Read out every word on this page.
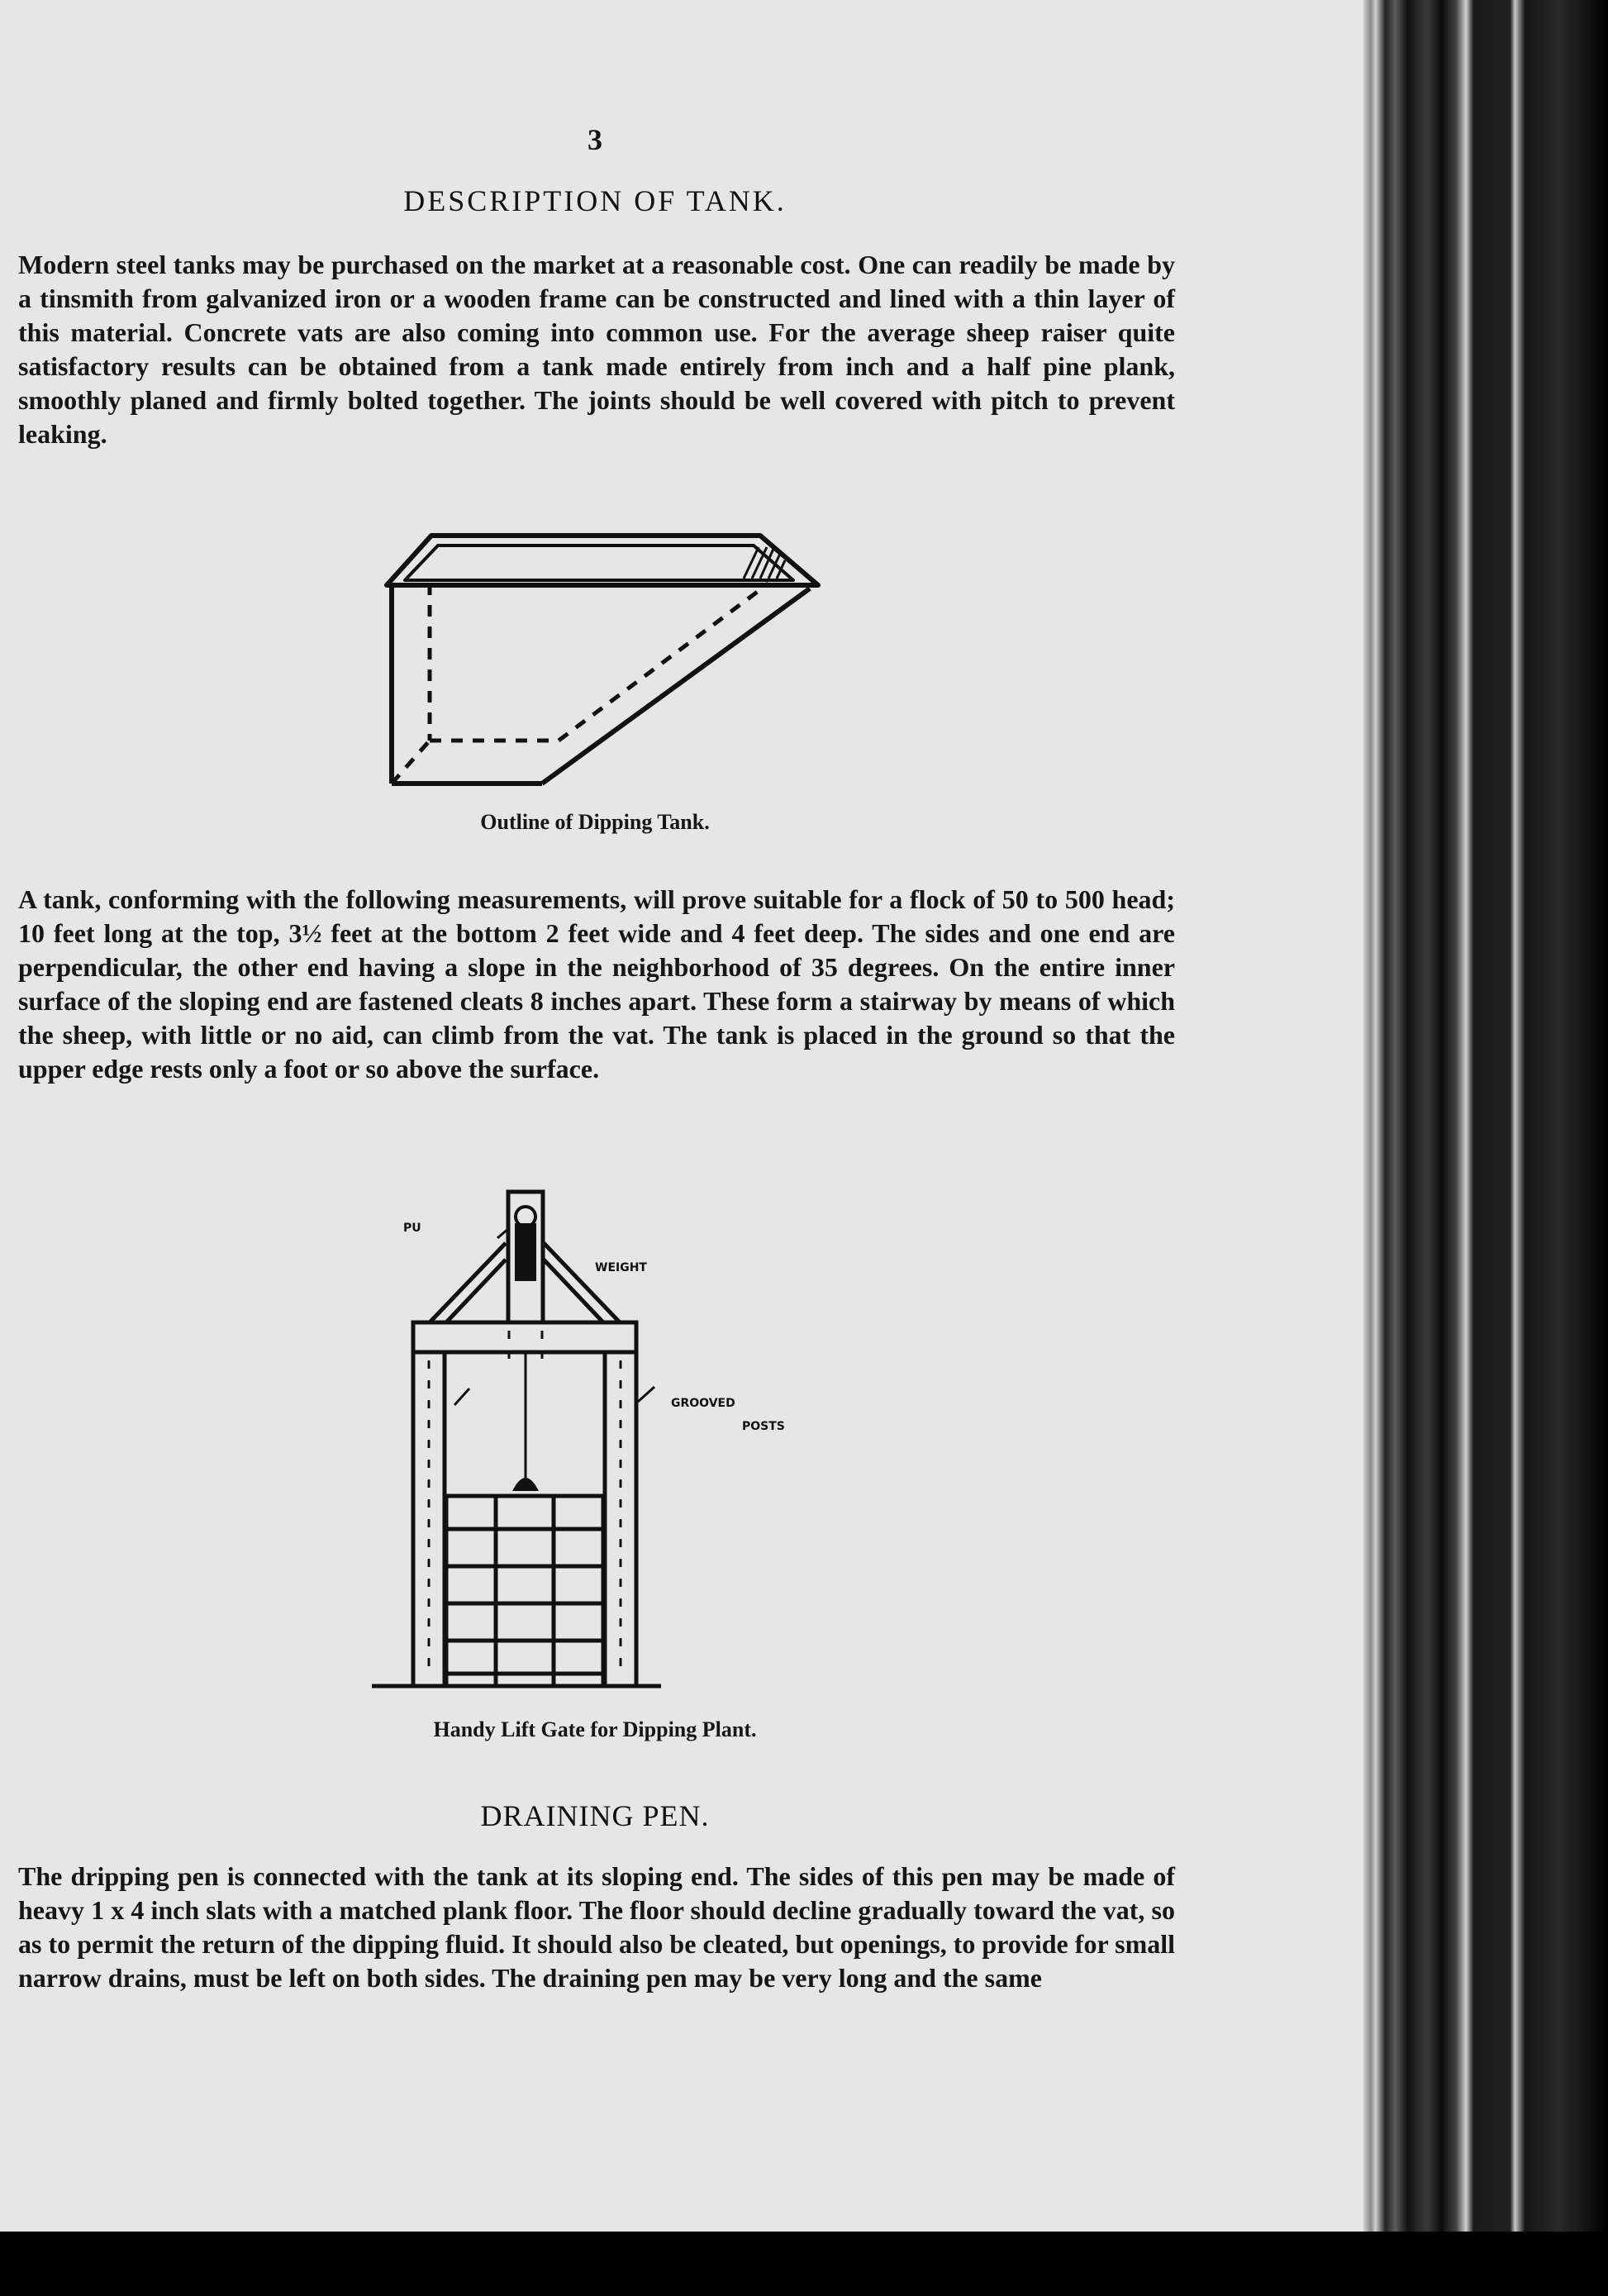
3
DESCRIPTION OF TANK.

Modern steel tanks may be purchased on the market at a reasonable cost. One can readily be made by a tinsmith from galvanized iron or a wooden frame can be constructed and lined with a thin layer of this material. Concrete vats are also coming into common use. For the average sheep raiser quite satisfactory results can be obtained from a tank made entirely from inch and a half pine plank, smoothly planed and firmly bolted together. The joints should be well covered with pitch to prevent leaking.

Outline of Dipping Tank.

A tank, conforming with the following measurements, will prove suitable for a flock of 50 to 500 head; 10 feet long at the top, 3½ feet at the bottom 2 feet wide and 4 feet deep. The sides and one end are perpendicular, the other end having a slope in the neighborhood of 35 degrees. On the entire inner surface of the sloping end are fastened cleats 8 inches apart. These form a stairway by means of which the sheep, with little or no aid, can climb from the vat. The tank is placed in the ground so that the upper edge rests only a foot or so above the surface.

PU
WEIGHT
GROOVED
POSTS
Handy Lift Gate for Dipping Plant.
DRAINING PEN.

The dripping pen is connected with the tank at its sloping end. The sides of this pen may be made of heavy 1 x 4 inch slats with a matched plank floor. The floor should decline gradually toward the vat, so as to permit the return of the dipping fluid. It should also be cleated, but openings, to provide for small narrow drains, must be left on both sides. The draining pen may be very long and the same
